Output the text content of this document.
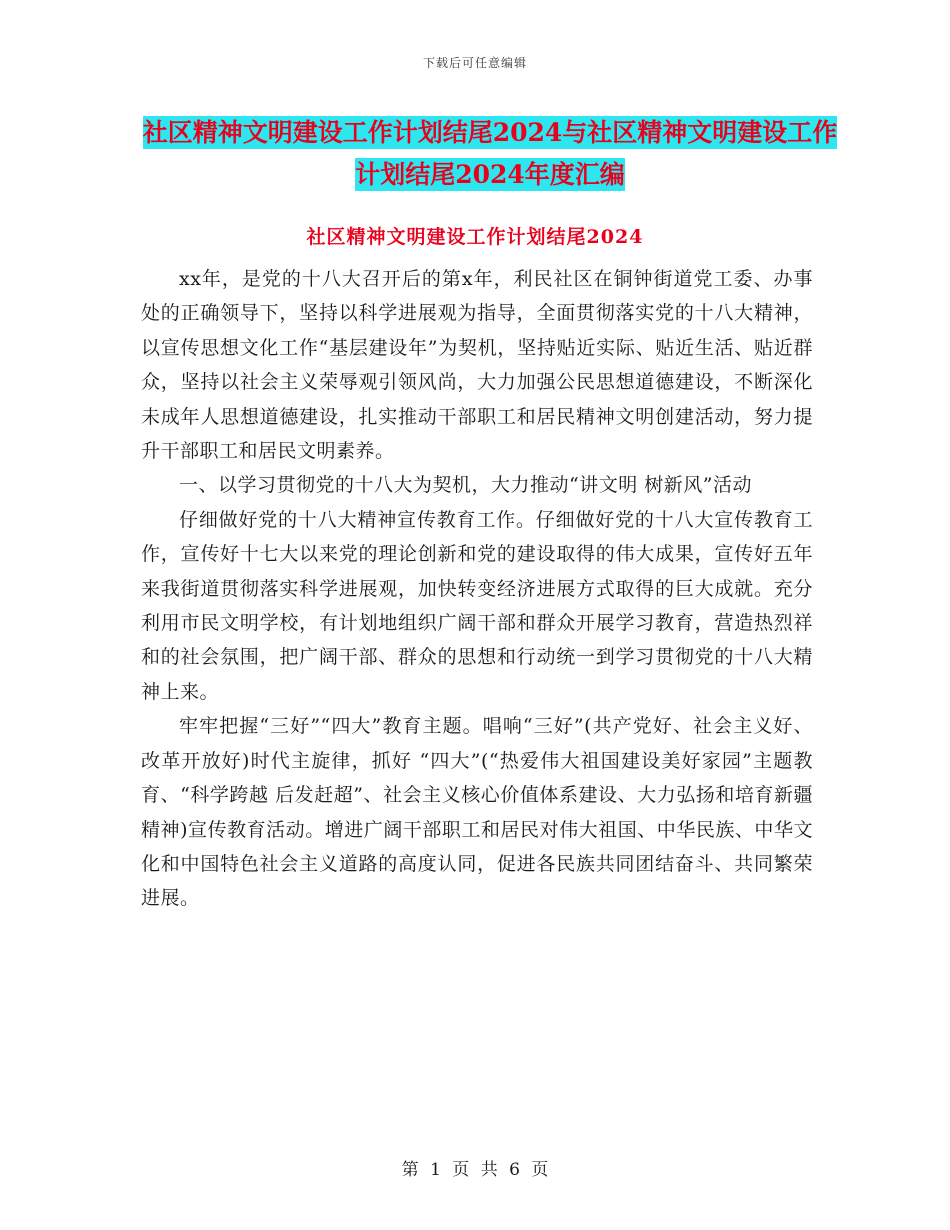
下载后可任意编辑
社区精神文明建设工作计划结尾2024与社区精神文明建设工作计划结尾2024年度汇编
社区精神文明建设工作计划结尾2024

xx年，是党的十八大召开后的第x年，利民社区在铜钟街道党工委、办事处的正确领导下，坚持以科学进展观为指导，全面贯彻落实党的十八大精神，以宣传思想文化工作“基层建设年”为契机，坚持贴近实际、贴近生活、贴近群众，坚持以社会主义荣辱观引领风尚，大力加强公民思想道德建设，不断深化未成年人思想道德建设，扎实推动干部职工和居民精神文明创建活动，努力提升干部职工和居民文明素养。

一、以学习贯彻党的十八大为契机，大力推动“讲文明 树新风”活动

仔细做好党的十八大精神宣传教育工作。仔细做好党的十八大宣传教育工作，宣传好十七大以来党的理论创新和党的建设取得的伟大成果，宣传好五年来我街道贯彻落实科学进展观，加快转变经济进展方式取得的巨大成就。充分利用市民文明学校，有计划地组织广阔干部和群众开展学习教育，营造热烈祥和的社会氛围，把广阔干部、群众的思想和行动统一到学习贯彻党的十八大精神上来。

牢牢把握“三好”“四大”教育主题。唱响“三好”(共产党好、社会主义好、改革开放好)时代主旋律，抓好 “四大”(“热爱伟大祖国建设美好家园”主题教育、“科学跨越 后发赶超”、社会主义核心价值体系建设、大力弘扬和培育新疆精神)宣传教育活动。增进广阔干部职工和居民对伟大祖国、中华民族、中华文化和中国特色社会主义道路的高度认同，促进各民族共同团结奋斗、共同繁荣进展。

第 1 页 共 6 页
